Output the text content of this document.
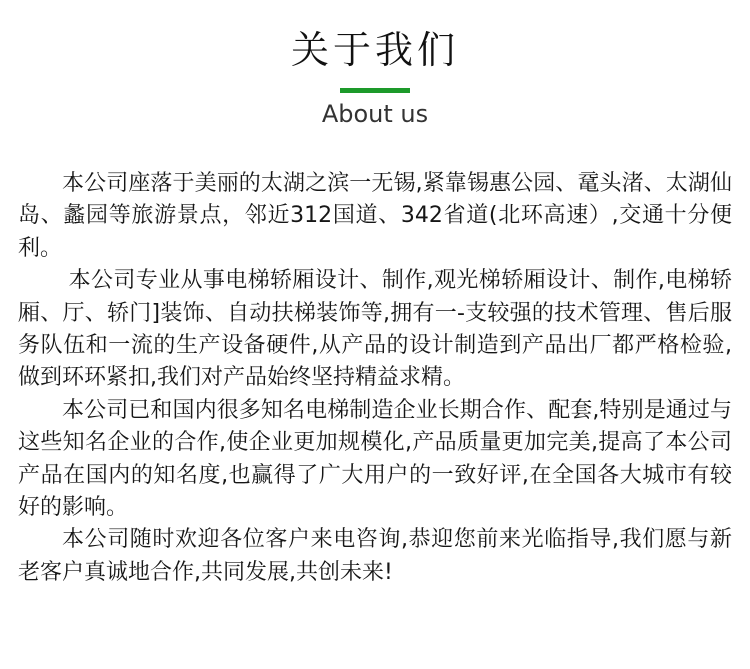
关于我们
About us

本公司座落于美丽的太湖之滨一无锡,紧靠锡惠公园、鼋头渚、太湖仙岛、蠡园等旅游景点，邻近312国道、342省道(北环高速）,交通十分便利。

本公司专业从事电梯轿厢设计、制作,观光梯轿厢设计、制作,电梯轿厢、厅、轿门]装饰、自动扶梯装饰等,拥有一-支较强的技术管理、售后服务队伍和一流的生产设备硬件,从产品的设计制造到产品出厂都严格检验,做到环环紧扣,我们对产品始终坚持精益求精。

本公司已和国内很多知名电梯制造企业长期合作、配套,特别是通过与这些知名企业的合作,使企业更加规模化,产品质量更加完美,提高了本公司产品在国内的知名度,也赢得了广大用户的一致好评,在全国各大城市有较好的影响。

本公司随时欢迎各位客户来电咨询,恭迎您前来光临指导,我们愿与新老客户真诚地合作,共同发展,共创未来!
